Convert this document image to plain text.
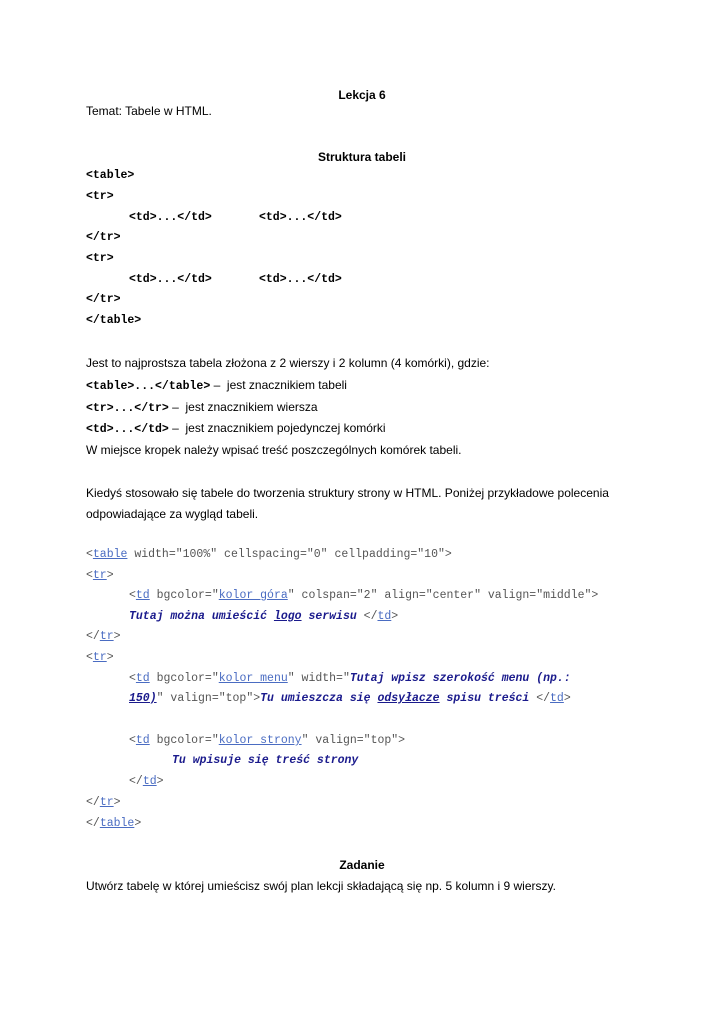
Lekcja 6
Temat: Tabele w HTML.
Struktura tabeli
<table>
<tr>
<td>...</td>	<td>...</td>
</tr>
<tr>
<td>...</td>	<td>...</td>
</tr>
</table>
Jest to najprostsza tabela złożona z 2 wierszy i 2 kolumn (4 komórki), gdzie:
<table>...</table> –  jest znacznikiem tabeli
<tr>...</tr> –  jest znacznikiem wiersza
<td>...</td> –  jest znacznikiem pojedynczej komórki
W miejsce kropek należy wpisać treść poszczególnych komórek tabeli.
Kiedyś stosowało się tabele do tworzenia struktury strony w HTML. Poniżej przykładowe polecenia
odpowiadające za wygląd tabeli.
<table width="100%" cellspacing="0" cellpadding="10">
<tr>
<td bgcolor="kolor góra" colspan="2" align="center" valign="middle">
Tutaj można umieścić logo serwisu </td>
</tr>
<tr>
<td bgcolor="kolor menu" width="Tutaj wpisz szerokość menu (np.:
150)" valign="top">Tu umieszcza się odsyłacze spisu treści </td>
<td bgcolor="kolor strony" valign="top">
Tu wpisuje się treść strony
</td>
</tr>
</table>
Zadanie
Utwórz tabelę w której umieścisz swój plan lekcji składającą się np. 5 kolumn i 9 wierszy.
